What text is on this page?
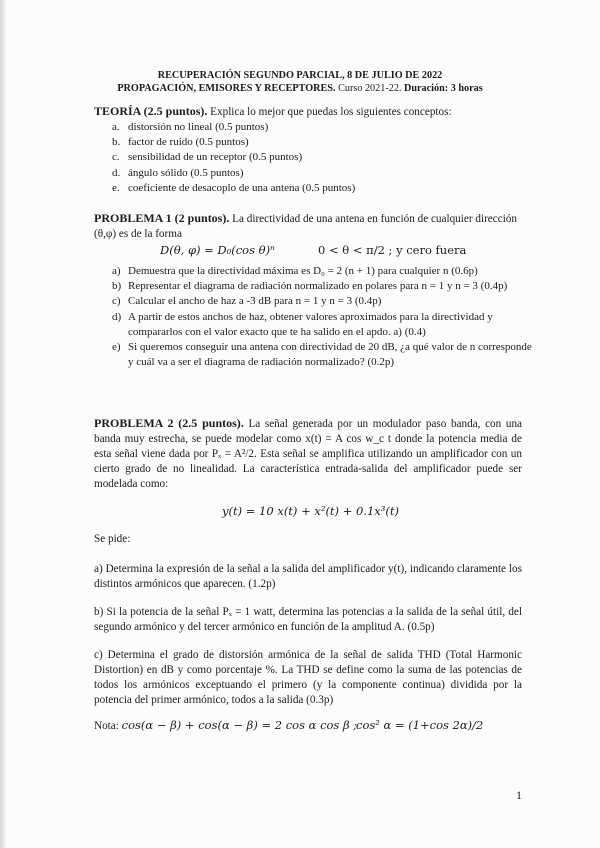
RECUPERACIÓN SEGUNDO PARCIAL, 8 DE JULIO DE 2022
PROPAGACIÓN, EMISORES Y RECEPTORES. Curso 2021-22. Duración: 3 horas
TEORÍA (2.5 puntos). Explica lo mejor que puedas los siguientes conceptos:
a. distorsión no lineal (0.5 puntos)
b. factor de ruido (0.5 puntos)
c. sensibilidad de un receptor (0.5 puntos)
d. ángulo sólido (0.5 puntos)
e. coeficiente de desacoplo de una antena (0.5 puntos)
PROBLEMA 1 (2 puntos). La directividad de una antena en función de cualquier dirección (θ,φ) es de la forma
D(θ, φ) = D₀(cos θ)ⁿ	0 < θ < π/2 ; y cero fuera
a) Demuestra que la directividad máxima es D₀ = 2 (n + 1) para cualquier n (0.6p)
b) Representar el diagrama de radiación normalizado en polares para n = 1 y n = 3 (0.4p)
c) Calcular el ancho de haz a -3 dB para n = 1 y n = 3 (0.4p)
d) A partir de estos anchos de haz, obtener valores aproximados para la directividad y compararlos con el valor exacto que te ha salido en el apdo. a) (0.4)
e) Si queremos conseguir una antena con directividad de 20 dB, ¿a qué valor de n corresponde y cuál va a ser el diagrama de radiación normalizado? (0.2p)
PROBLEMA 2 (2.5 puntos). La señal generada por un modulador paso banda, con una banda muy estrecha, se puede modelar como x(t) = A cos w_c t donde la potencia media de esta señal viene dada por Pₓ = A²/2. Esta señal se amplifica utilizando un amplificador con un cierto grado de no linealidad. La característica entrada-salida del amplificador puede ser modelada como:
y(t) = 10 x(t) + x²(t) + 0.1x³(t)
Se pide:
a) Determina la expresión de la señal a la salida del amplificador y(t), indicando claramente los distintos armónicos que aparecen. (1.2p)
b) Si la potencia de la señal Pₓ = 1 watt, determina las potencias a la salida de la señal útil, del segundo armónico y del tercer armónico en función de la amplitud A. (0.5p)
c) Determina el grado de distorsión armónica de la señal de salida THD (Total Harmonic Distortion) en dB y como porcentaje %. La THD se define como la suma de las potencias de todos los armónicos exceptuando el primero (y la componente continua) dividida por la potencia del primer armónico, todos a la salida (0.3p)
Nota: cos(α − β) + cos(α − β) = 2 cos α cos β ;
cos² α = (1+cos 2α)/2
1
